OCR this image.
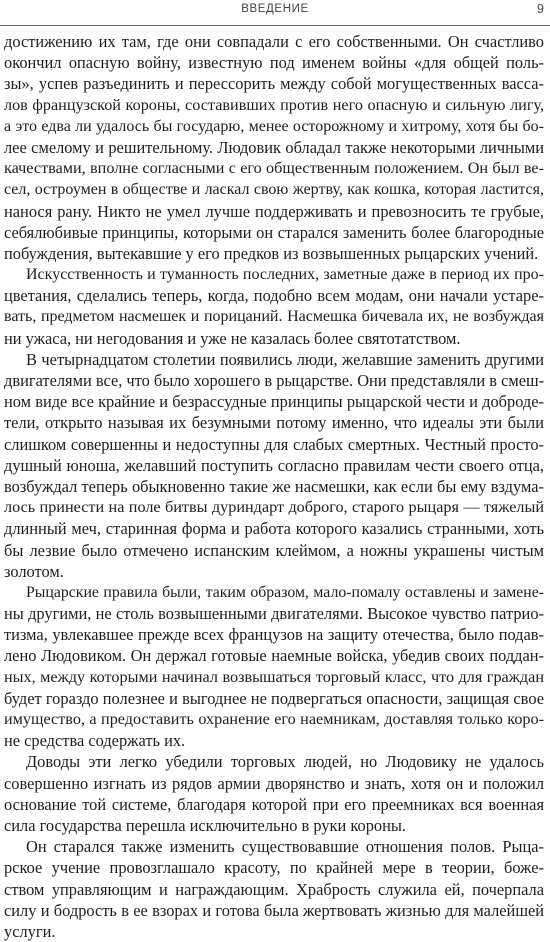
ВВЕДЕНИЕ	9
достижению их там, где они совпадали с его собственными. Он счастливо
окончил опасную войну, известную под именем войны «для общей поль-
зы», успев разъединить и перессорить между собой могущественных васса-
лов французской короны, составивших против него опасную и сильную лигу,
а это едва ли удалось бы государю, менее осторожному и хитрому, хотя бы бо-
лее смелому и решительному. Людовик обладал также некоторыми личными
качествами, вполне согласными с его общественным положением. Он был ве-
сел, остроумен в обществе и ласкал свою жертву, как кошка, которая ластится,
нанося рану. Никто не умел лучше поддерживать и превозносить те грубые,
себялюбивые принципы, которыми он старался заменить более благородные
побуждения, вытекавшие у его предков из возвышенных рыцарских учений.
Искусственность и туманность последних, заметные даже в период их про-
цветания, сделались теперь, когда, подобно всем модам, они начали устаре-
вать, предметом насмешек и порицаний. Насмешка бичевала их, не возбуждая
ни ужаса, ни негодования и уже не казалась более святотатством.
В четырнадцатом столетии появились люди, желавшие заменить другими
двигателями все, что было хорошего в рыцарстве. Они представляли в смеш-
ном виде все крайние и безрассудные принципы рыцарской чести и доброде-
тели, открыто называя их безумными потому именно, что идеалы эти были
слишком совершенны и недоступны для слабых смертных. Честный просто-
душный юноша, желавший поступить согласно правилам чести своего отца,
возбуждал теперь обыкновенно такие же насмешки, как если бы ему вздума-
лось принести на поле битвы дуриндарт доброго, старого рыцаря — тяжелый
длинный меч, старинная форма и работа которого казались странными, хоть
бы лезвие было отмечено испанским клеймом, а ножны украшены чистым
золотом.
Рыцарские правила были, таким образом, мало-помалу оставлены и замене-
ны другими, не столь возвышенными двигателями. Высокое чувство патрио-
тизма, увлекавшее прежде всех французов на защиту отечества, было подав-
лено Людовиком. Он держал готовые наемные войска, убедив своих поддан-
ных, между которыми начинал возвышаться торговый класс, что для граждан
будет гораздо полезнее и выгоднее не подвергаться опасности, защищая свое
имущество, а предоставить охранение его наемникам, доставляя только коро-
не средства содержать их.
Доводы эти легко убедили торговых людей, но Людовику не удалось
совершенно изгнать из рядов армии дворянство и знать, хотя он и положил
основание той системе, благодаря которой при его преемниках вся военная
сила государства перешла исключительно в руки короны.
Он старался также изменить существовавшие отношения полов. Рыца-
рское учение провозглашало красоту, по крайней мере в теории, боже-
ством управляющим и награждающим. Храбрость служила ей, почерпала
силу и бодрость в ее взорах и готова была жертвовать жизнью для малейшей
услуги.
